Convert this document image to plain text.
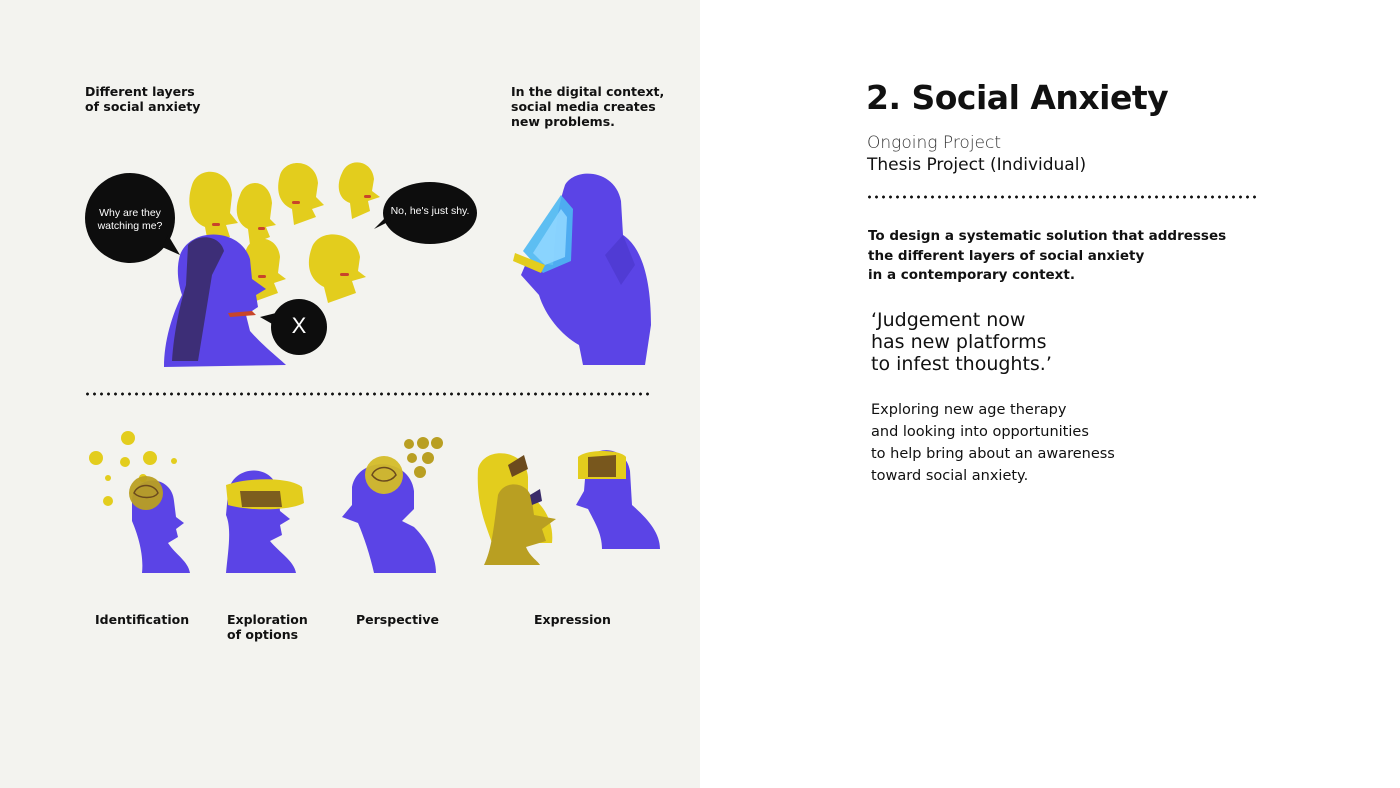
Different layers
of social anxiety
In the digital context,
social media creates
new problems.
Why are they
watching me?
No, he's just shy.
X
Identification	Exploration
of options
Perspective	Expression
2. Social Anxiety
Ongoing Project
Thesis Project (Individual)
To design a systematic solution that addresses
the different layers of social anxiety
in a contemporary context.
‘Judgement now
has new platforms
to infest thoughts.’
Exploring new age therapy
and looking into opportunities
to help bring about an awareness
toward social anxiety.
